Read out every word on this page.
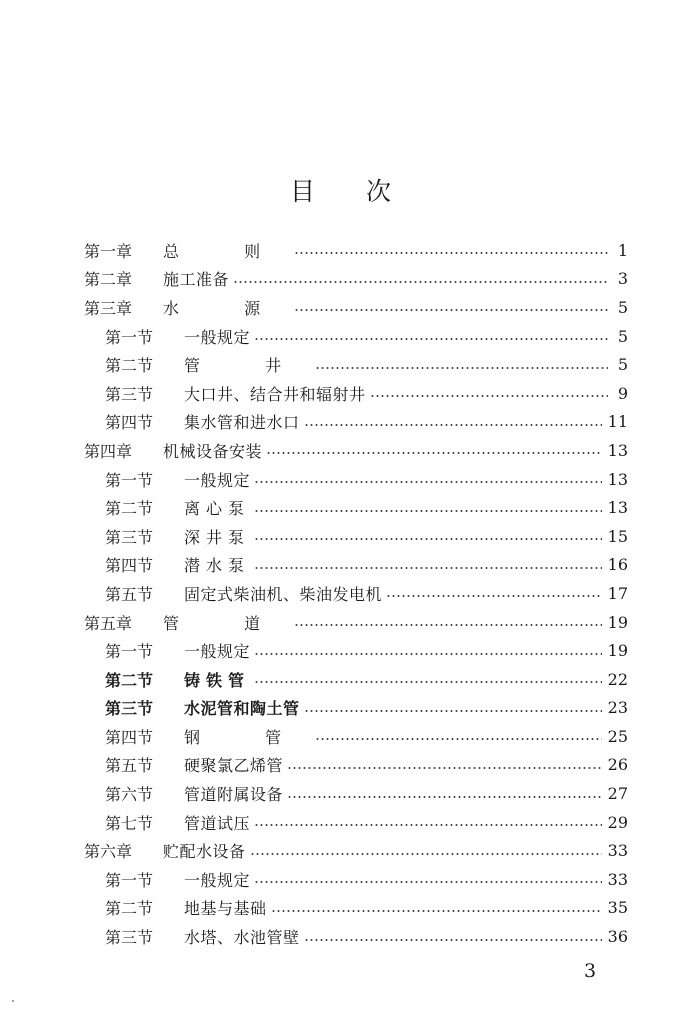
目 次
第一章	总 则	1
第二章	施工准备	3
第三章	水 源	5
第一节	一般规定	5
第二节	管 井	5
第三节	大口井、结合井和辐射井	9
第四节	集水管和进水口	11
第四章	机械设备安装	13
第一节	一般规定	13
第二节	离心泵	13
第三节	深井泵	15
第四节	潜水泵	16
第五节	固定式柴油机、柴油发电机	17
第五章	管 道	19
第一节	一般规定	19
第二节	铸铁管	22
第三节	水泥管和陶土管	23
第四节	钢 管	25
第五节	硬聚氯乙烯管	26
第六节	管道附属设备	27
第七节	管道试压	29
第六章	贮配水设备	33
第一节	一般规定	33
第二节	地基与基础	35
第三节	水塔、水池管壁	36
3
